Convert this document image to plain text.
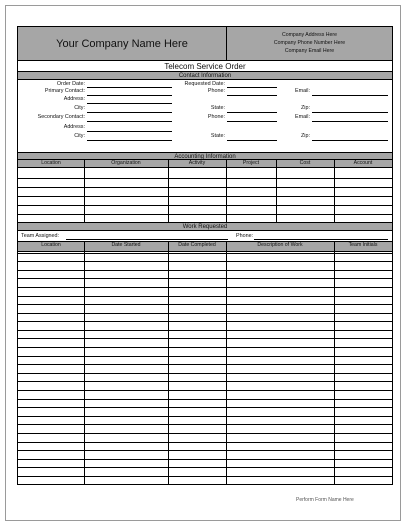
Your Company Name Here
Company Address Here
Company Phone Number Here
Company Email Here
Telecom Service Order
Contact Information
Order Date:	Requested Date:
Primary Contact:	Phone:	Email:
Address:
City:	State:	Zip:
Secondary Contact:	Phone:	Email:
Address:
City:	State:	Zip:
Accounting Information
Location	Organization	Activity	Project	Cost	Account
Work Requested
Team Assigned:	Phone:
Location	Date Started	Date Completed	Description of Work	Team Initials
Perform Form Name Here
